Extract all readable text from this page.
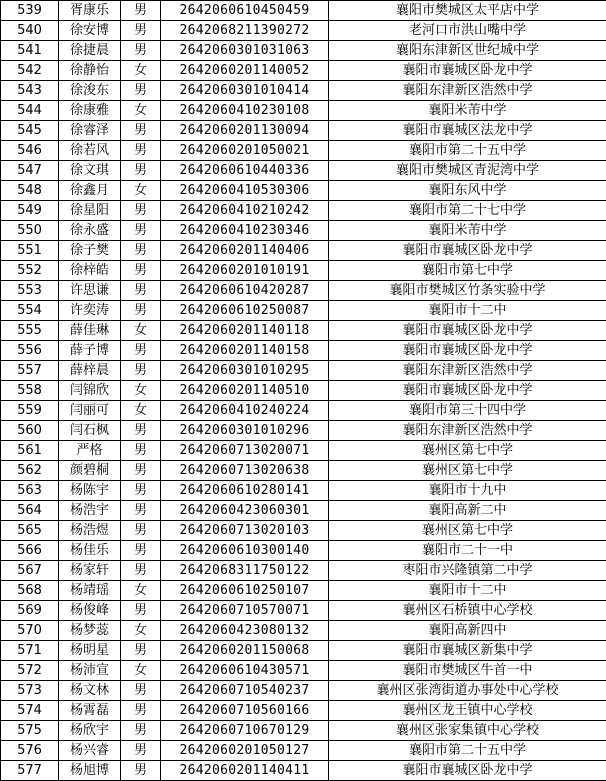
539	胥康乐	男	2642060610450459	襄阳市樊城区太平店中学
540	徐安博	男	2642068211390272	老河口市洪山嘴中学
541	徐捷晨	男	2642060301031063	襄阳东津新区世纪城中学
542	徐静怡	女	2642060201140052	襄阳市襄城区卧龙中学
543	徐浚东	男	2642060301010414	襄阳东津新区浩然中学
544	徐康雅	女	2642060410230108	襄阳米芾中学
545	徐睿泽	男	2642060201130094	襄阳市襄城区法龙中学
546	徐若风	男	2642060201050021	襄阳市第二十五中学
547	徐文琪	男	2642060610440336	襄阳市樊城区青泥湾中学
548	徐鑫月	女	2642060410530306	襄阳东风中学
549	徐星阳	男	2642060410210242	襄阳市第二十七中学
550	徐永盛	男	2642060410230346	襄阳米芾中学
551	徐子樊	男	2642060201140406	襄阳市襄城区卧龙中学
552	徐梓皓	男	2642060201010191	襄阳市第七中学
553	许思谦	男	2642060610420287	襄阳市樊城区竹条实验中学
554	许奕涛	男	2642060610250087	襄阳市十二中
555	薛佳琳	女	2642060201140118	襄阳市襄城区卧龙中学
556	薛子博	男	2642060201140158	襄阳市襄城区卧龙中学
557	薛梓晨	男	2642060301010295	襄阳东津新区浩然中学
558	闫锦欣	女	2642060201140510	襄阳市襄城区卧龙中学
559	闫丽可	女	2642060410240224	襄阳市第三十四中学
560	闫石枫	男	2642060301010296	襄阳东津新区浩然中学
561	严格	男	2642060713020071	襄州区第七中学
562	颜碧桐	男	2642060713020638	襄州区第七中学
563	杨陈宇	男	2642060610280141	襄阳市十九中
564	杨浩宇	男	2642060423060301	襄阳高新二中
565	杨浩煜	男	2642060713020103	襄州区第七中学
566	杨佳乐	男	2642060610300140	襄阳市二十一中
567	杨家轩	男	2642068311750122	枣阳市兴隆镇第二中学
568	杨靖瑶	女	2642060610250107	襄阳市十二中
569	杨俊峰	男	2642060710570071	襄州区石桥镇中心学校
570	杨梦蕊	女	2642060423080132	襄阳高新四中
571	杨明星	男	2642060201150068	襄阳市襄城区新集中学
572	杨沛宣	女	2642060610430571	襄阳市樊城区牛首一中
573	杨文林	男	2642060710540237	襄州区张湾街道办事处中心学校
574	杨霄磊	男	2642060710560166	襄州区龙王镇中心学校
575	杨欣宇	男	2642060710670129	襄州区张家集镇中心学校
576	杨兴睿	男	2642060201050127	襄阳市第二十五中学
577	杨旭博	男	2642060201140411	襄阳市襄城区卧龙中学
